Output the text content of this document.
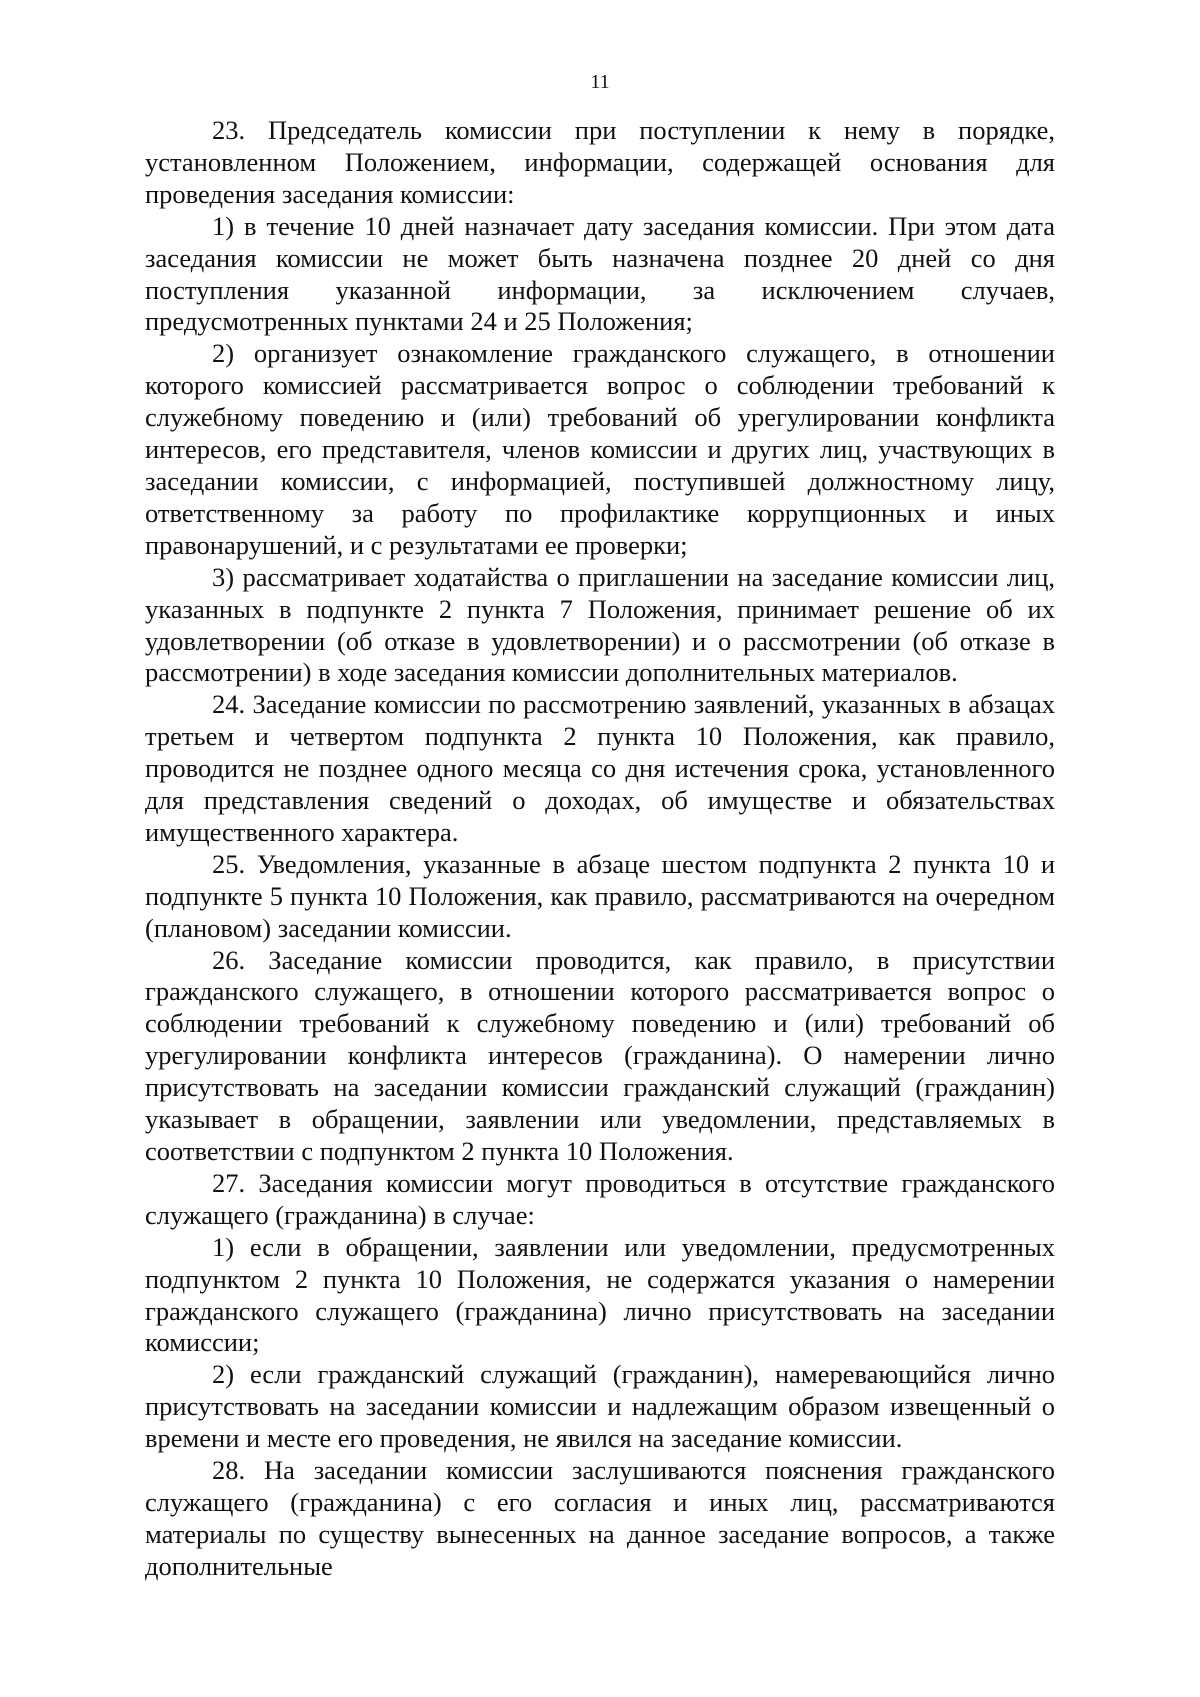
11

23. Председатель комиссии при поступлении к нему в порядке, установленном Положением, информации, содержащей основания для проведения заседания комиссии:

1) в течение 10 дней назначает дату заседания комиссии. При этом дата заседания комиссии не может быть назначена позднее 20 дней со дня поступления указанной информации, за исключением случаев, предусмотренных пунктами 24 и 25 Положения;

2) организует ознакомление гражданского служащего, в отношении которого комиссией рассматривается вопрос о соблюдении требований к служебному поведению и (или) требований об урегулировании конфликта интересов, его представителя, членов комиссии и других лиц, участвующих в заседании комиссии, с информацией, поступившей должностному лицу, ответственному за работу по профилактике коррупционных и иных правонарушений, и с результатами ее проверки;

3) рассматривает ходатайства о приглашении на заседание комиссии лиц, указанных в подпункте 2 пункта 7 Положения, принимает решение об их удовлетворении (об отказе в удовлетворении) и о рассмотрении (об отказе в рассмотрении) в ходе заседания комиссии дополнительных материалов.

24. Заседание комиссии по рассмотрению заявлений, указанных в абзацах третьем и четвертом подпункта 2 пункта 10 Положения, как правило, проводится не позднее одного месяца со дня истечения срока, установленного для представления сведений о доходах, об имуществе и обязательствах имущественного характера.

25. Уведомления, указанные в абзаце шестом подпункта 2 пункта 10 и подпункте 5 пункта 10 Положения, как правило, рассматриваются на очередном (плановом) заседании комиссии.

26. Заседание комиссии проводится, как правило, в присутствии гражданского служащего, в отношении которого рассматривается вопрос о соблюдении требований к служебному поведению и (или) требований об урегулировании конфликта интересов (гражданина). О намерении лично присутствовать на заседании комиссии гражданский служащий (гражданин) указывает в обращении, заявлении или уведомлении, представляемых в соответствии с подпунктом 2 пункта 10 Положения.

27. Заседания комиссии могут проводиться в отсутствие гражданского служащего (гражданина) в случае:

1) если в обращении, заявлении или уведомлении, предусмотренных подпунктом 2 пункта 10 Положения, не содержатся указания о намерении гражданского служащего (гражданина) лично присутствовать на заседании комиссии;

2) если гражданский служащий (гражданин), намеревающийся лично присутствовать на заседании комиссии и надлежащим образом извещенный о времени и месте его проведения, не явился на заседание комиссии.

28. На заседании комиссии заслушиваются пояснения гражданского служащего (гражданина) с его согласия и иных лиц, рассматриваются материалы по существу вынесенных на данное заседание вопросов, а также дополнительные
